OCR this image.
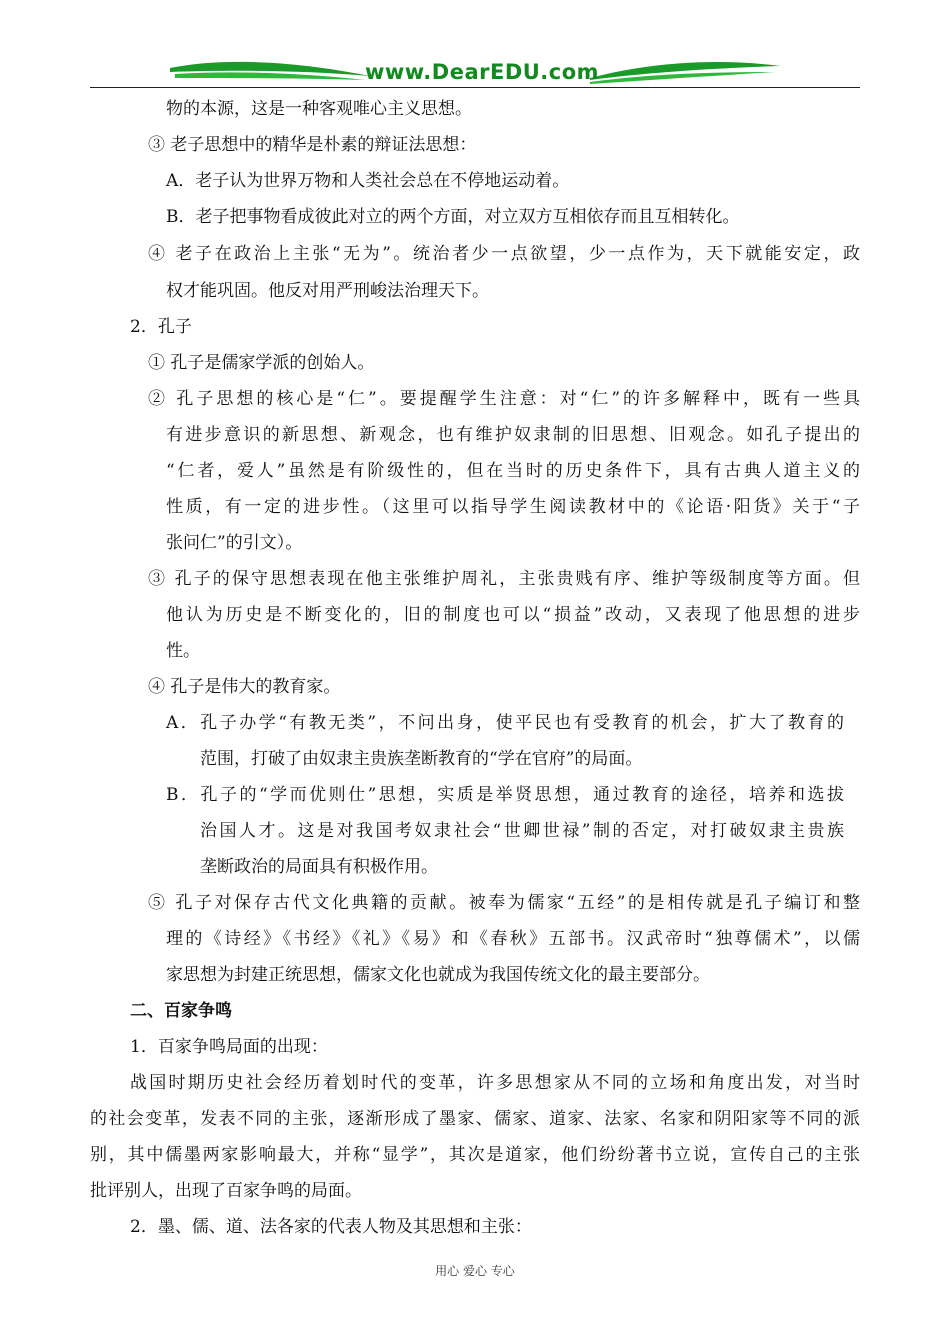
www.DearEDU.com
物的本源，这是一种客观唯心主义思想。
③ 老子思想中的精华是朴素的辩证法思想：
A．老子认为世界万物和人类社会总在不停地运动着。
B．老子把事物看成彼此对立的两个方面，对立双方互相依存而且互相转化。
④ 老子在政治上主张“无为”。统治者少一点欲望，少一点作为，天下就能安定，政
权才能巩固。他反对用严刑峻法治理天下。
2．孔子
① 孔子是儒家学派的创始人。
② 孔子思想的核心是“仁”。要提醒学生注意：对“仁”的许多解释中，既有一些具
有进步意识的新思想、新观念，也有维护奴隶制的旧思想、旧观念。如孔子提出的
“仁者，爱人”虽然是有阶级性的，但在当时的历史条件下，具有古典人道主义的
性质，有一定的进步性。（这里可以指导学生阅读教材中的《论语·阳货》关于“子
张问仁”的引文）。
③ 孔子的保守思想表现在他主张维护周礼，主张贵贱有序、维护等级制度等方面。但
他认为历史是不断变化的，旧的制度也可以“损益”改动，又表现了他思想的进步
性。
④ 孔子是伟大的教育家。
A．孔子办学“有教无类”，不问出身，使平民也有受教育的机会，扩大了教育的
范围，打破了由奴隶主贵族垄断教育的“学在官府”的局面。
B．孔子的“学而优则仕”思想，实质是举贤思想，通过教育的途径，培养和选拔
治国人才。这是对我国考奴隶社会“世卿世禄”制的否定，对打破奴隶主贵族
垄断政治的局面具有积极作用。
⑤ 孔子对保存古代文化典籍的贡献。被奉为儒家“五经”的是相传就是孔子编订和整
理的《诗经》《书经》《礼》《易》和《春秋》五部书。汉武帝时“独尊儒术”，以儒
家思想为封建正统思想，儒家文化也就成为我国传统文化的最主要部分。
二、百家争鸣
1．百家争鸣局面的出现：
战国时期历史社会经历着划时代的变革，许多思想家从不同的立场和角度出发，对当时
的社会变革，发表不同的主张，逐渐形成了墨家、儒家、道家、法家、名家和阴阳家等不同的派
别，其中儒墨两家影响最大，并称“显学”，其次是道家，他们纷纷著书立说，宣传自己的主张
批评别人，出现了百家争鸣的局面。
2．墨、儒、道、法各家的代表人物及其思想和主张：
用心 爱心 专心
